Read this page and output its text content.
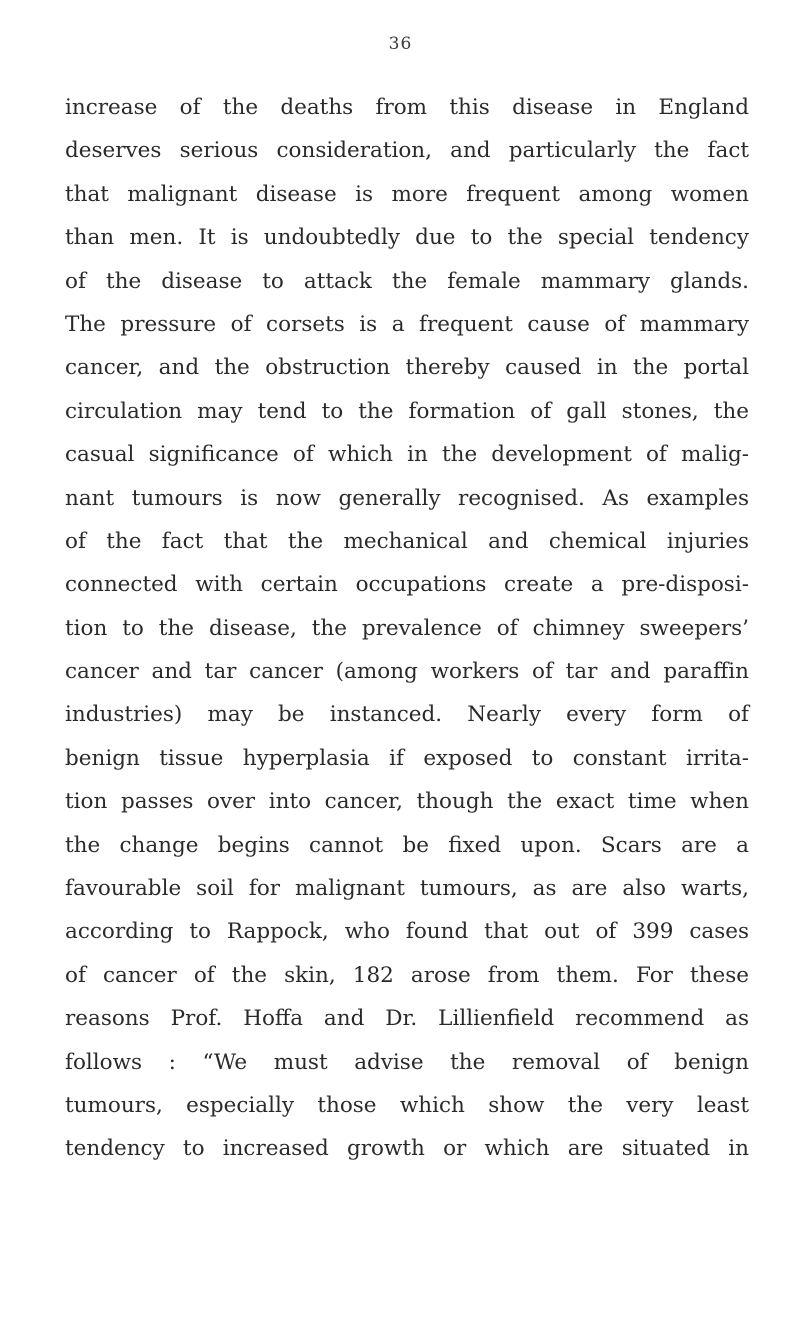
36
increase of the deaths from this disease in England
deserves serious consideration, and particularly the fact
that malignant disease is more frequent among women
than men. It is undoubtedly due to the special tendency
of the disease to attack the female mammary glands.
The pressure of corsets is a frequent cause of mammary
cancer, and the obstruction thereby caused in the portal
circulation may tend to the formation of gall stones, the
casual significance of which in the development of malig-
nant tumours is now generally recognised. As examples
of the fact that the mechanical and chemical injuries
connected with certain occupations create a pre-disposi-
tion to the disease, the prevalence of chimney sweepers’
cancer and tar cancer (among workers of tar and paraffin
industries) may be instanced. Nearly every form of
benign tissue hyperplasia if exposed to constant irrita-
tion passes over into cancer, though the exact time when
the change begins cannot be fixed upon. Scars are a
favourable soil for malignant tumours, as are also warts,
according to Rappock, who found that out of 399 cases
of cancer of the skin, 182 arose from them. For these
reasons Prof. Hoffa and Dr. Lillienfield recommend as
follows : “We must advise the removal of benign
tumours, especially those which show the very least
tendency to increased growth or which are situated in
